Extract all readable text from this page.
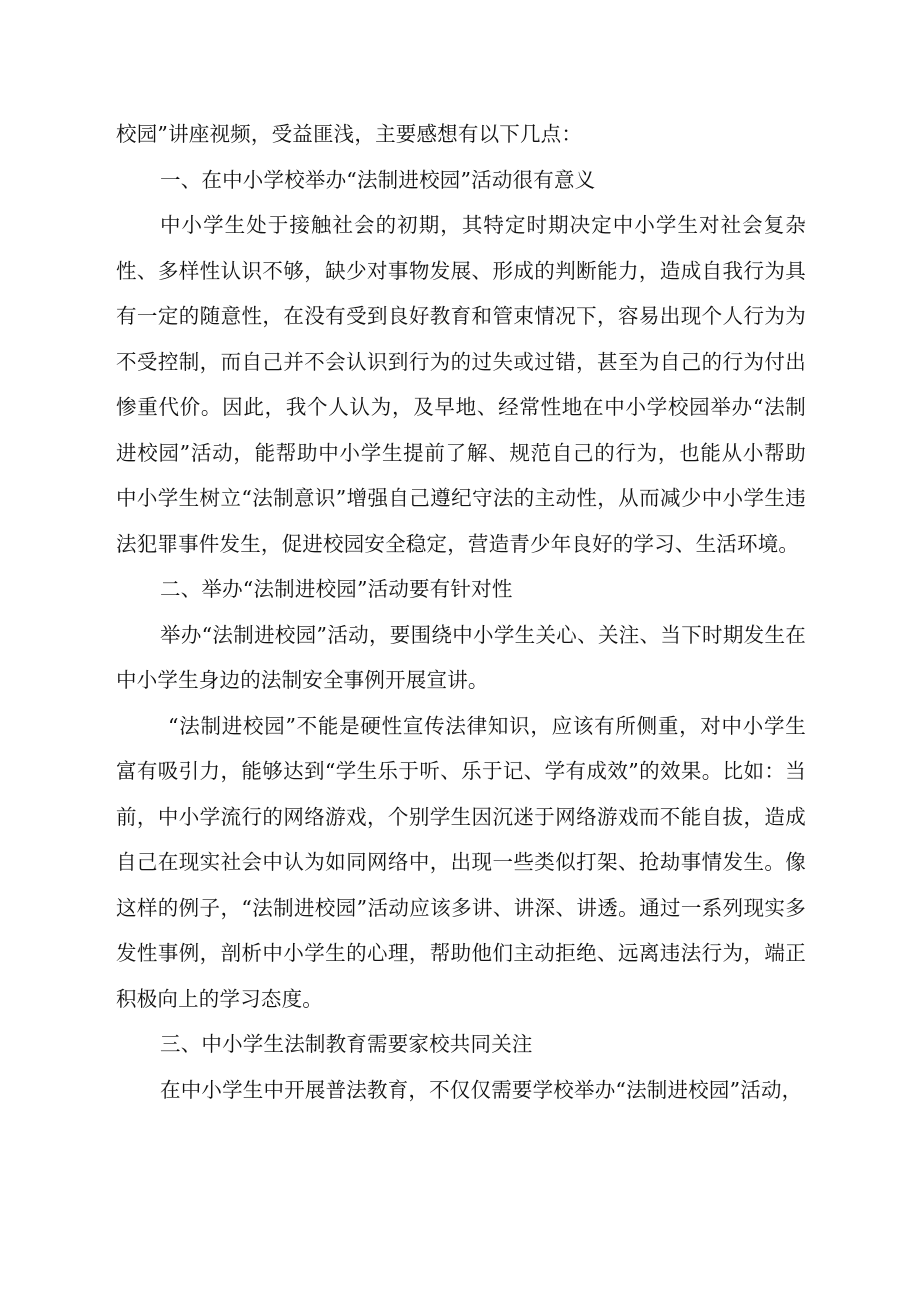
校园”讲座视频，受益匪浅，主要感想有以下几点：

一、在中小学校举办“法制进校园”活动很有意义

中小学生处于接触社会的初期，其特定时期决定中小学生对社会复杂性、多样性认识不够，缺少对事物发展、形成的判断能力，造成自我行为具有一定的随意性，在没有受到良好教育和管束情况下，容易出现个人行为为不受控制，而自己并不会认识到行为的过失或过错，甚至为自己的行为付出惨重代价。因此，我个人认为，及早地、经常性地在中小学校园举办“法制进校园”活动，能帮助中小学生提前了解、规范自己的行为，也能从小帮助中小学生树立“法制意识”增强自己遵纪守法的主动性，从而减少中小学生违法犯罪事件发生，促进校园安全稳定，营造青少年良好的学习、生活环境。

二、举办“法制进校园”活动要有针对性

举办“法制进校园”活动，要围绕中小学生关心、关注、当下时期发生在中小学生身边的法制安全事例开展宣讲。

“法制进校园”不能是硬性宣传法律知识，应该有所侧重，对中小学生富有吸引力，能够达到“学生乐于听、乐于记、学有成效”的效果。比如：当前，中小学流行的网络游戏，个别学生因沉迷于网络游戏而不能自拔，造成自己在现实社会中认为如同网络中，出现一些类似打架、抢劫事情发生。像这样的例子，“法制进校园”活动应该多讲、讲深、讲透。通过一系列现实多发性事例，剖析中小学生的心理，帮助他们主动拒绝、远离违法行为，端正积极向上的学习态度。

三、中小学生法制教育需要家校共同关注

在中小学生中开展普法教育，不仅仅需要学校举办“法制进校园”活动，
